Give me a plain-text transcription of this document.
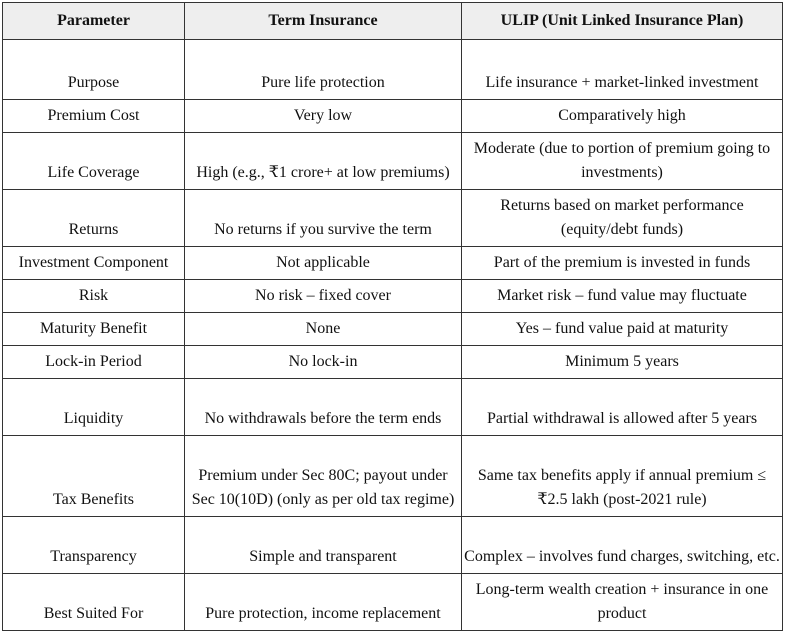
Parameter	Term Insurance	ULIP (Unit Linked Insurance Plan)
Purpose	Pure life protection	Life insurance + market-linked investment
Premium Cost	Very low	Comparatively high
Life Coverage	High (e.g., ₹1 crore+ at low premiums)	Moderate (due to portion of premium going to investments)
Returns	No returns if you survive the term	Returns based on market performance (equity/debt funds)
Investment Component	Not applicable	Part of the premium is invested in funds
Risk	No risk – fixed cover	Market risk – fund value may fluctuate
Maturity Benefit	None	Yes – fund value paid at maturity
Lock-in Period	No lock-in	Minimum 5 years
Liquidity	No withdrawals before the term ends	Partial withdrawal is allowed after 5 years
Tax Benefits	Premium under Sec 80C; payout under Sec 10(10D) (only as per old tax regime)	Same tax benefits apply if annual premium ≤ ₹2.5 lakh (post-2021 rule)
Transparency	Simple and transparent	Complex – involves fund charges, switching, etc.
Best Suited For	Pure protection, income replacement	Long-term wealth creation + insurance in one product
